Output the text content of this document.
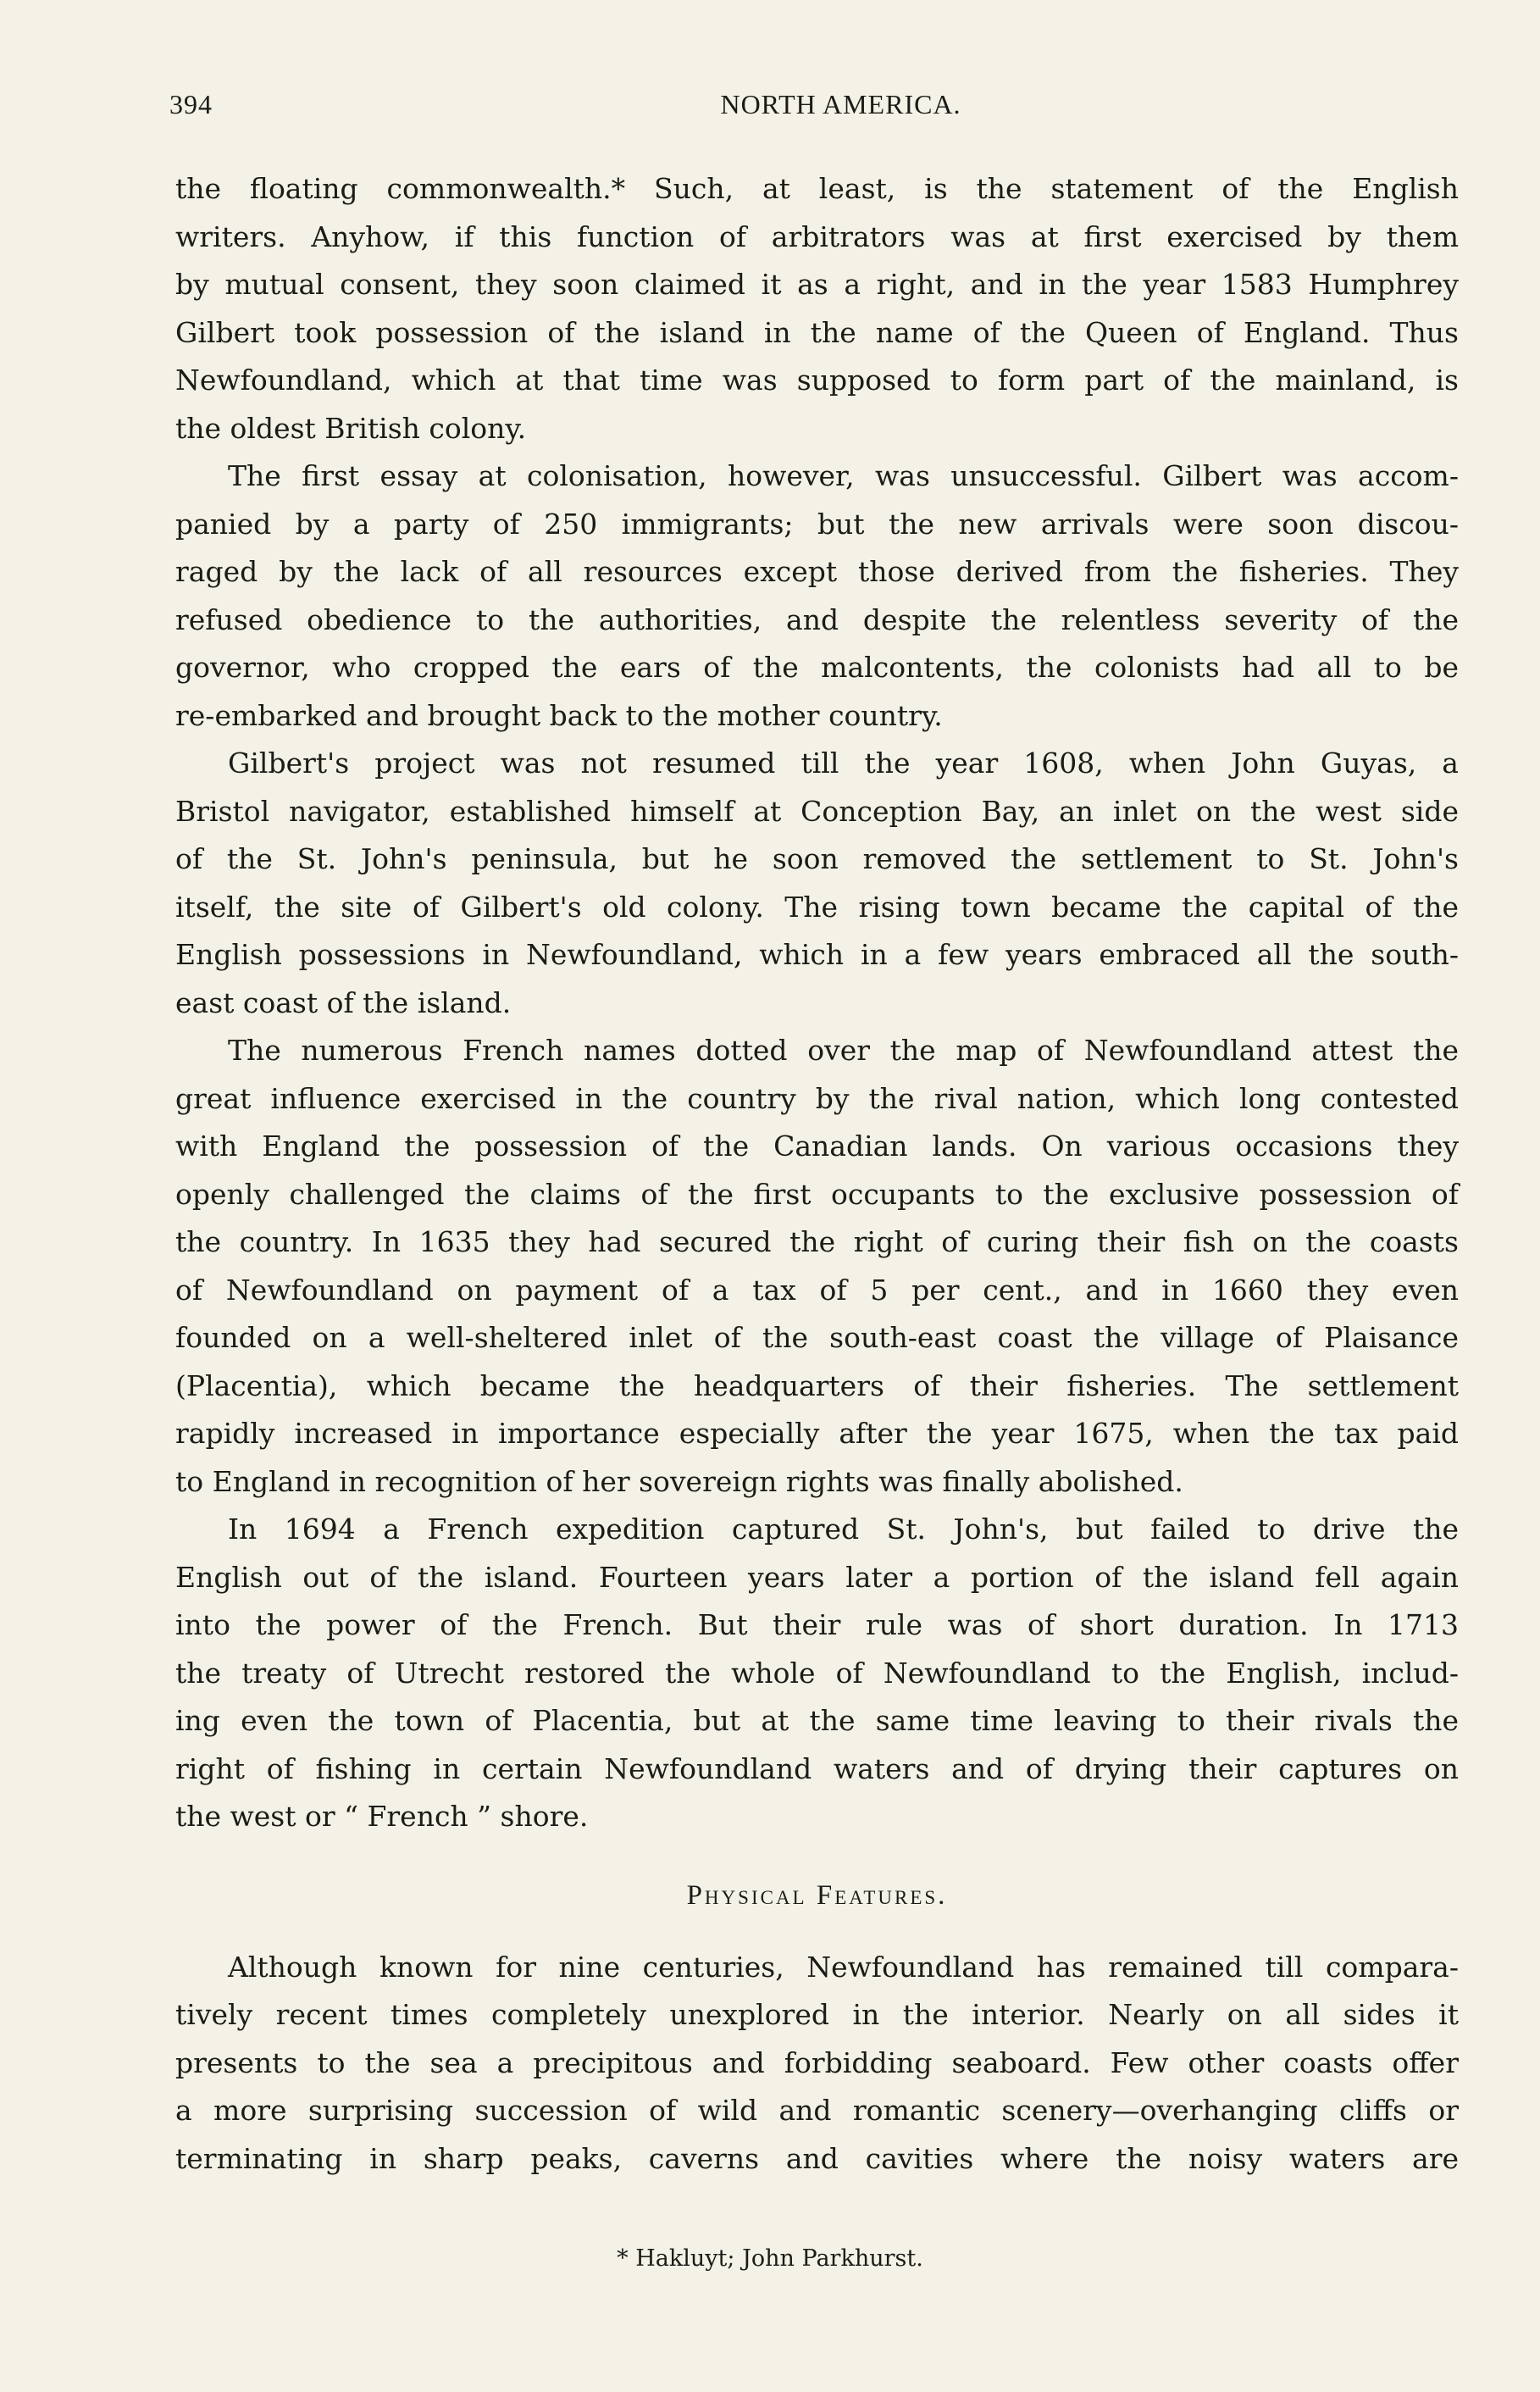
394	NORTH AMERICA.
the floating commonwealth.* Such, at least, is the statement of the English
writers. Anyhow, if this function of arbitrators was at first exercised by them
by mutual consent, they soon claimed it as a right, and in the year 1583 Humphrey
Gilbert took possession of the island in the name of the Queen of England. Thus
Newfoundland, which at that time was supposed to form part of the mainland, is
the oldest British colony.
The first essay at colonisation, however, was unsuccessful. Gilbert was accom-
panied by a party of 250 immigrants; but the new arrivals were soon discou-
raged by the lack of all resources except those derived from the fisheries. They
refused obedience to the authorities, and despite the relentless severity of the
governor, who cropped the ears of the malcontents, the colonists had all to be
re-embarked and brought back to the mother country.
Gilbert's project was not resumed till the year 1608, when John Guyas, a
Bristol navigator, established himself at Conception Bay, an inlet on the west side
of the St. John's peninsula, but he soon removed the settlement to St. John's
itself, the site of Gilbert's old colony. The rising town became the capital of the
English possessions in Newfoundland, which in a few years embraced all the south-
east coast of the island.
The numerous French names dotted over the map of Newfoundland attest the
great influence exercised in the country by the rival nation, which long contested
with England the possession of the Canadian lands. On various occasions they
openly challenged the claims of the first occupants to the exclusive possession of
the country. In 1635 they had secured the right of curing their fish on the coasts
of Newfoundland on payment of a tax of 5 per cent., and in 1660 they even
founded on a well-sheltered inlet of the south-east coast the village of Plaisance
(Placentia), which became the headquarters of their fisheries. The settlement
rapidly increased in importance especially after the year 1675, when the tax paid
to England in recognition of her sovereign rights was finally abolished.
In 1694 a French expedition captured St. John's, but failed to drive the
English out of the island. Fourteen years later a portion of the island fell again
into the power of the French. But their rule was of short duration. In 1713
the treaty of Utrecht restored the whole of Newfoundland to the English, includ-
ing even the town of Placentia, but at the same time leaving to their rivals the
right of fishing in certain Newfoundland waters and of drying their captures on
the west or “ French ” shore.
Physical Features.
Although known for nine centuries, Newfoundland has remained till compara-
tively recent times completely unexplored in the interior. Nearly on all sides it
presents to the sea a precipitous and forbidding seaboard. Few other coasts offer
a more surprising succession of wild and romantic scenery—overhanging cliffs or
terminating in sharp peaks, caverns and cavities where the noisy waters are
* Hakluyt; John Parkhurst.
